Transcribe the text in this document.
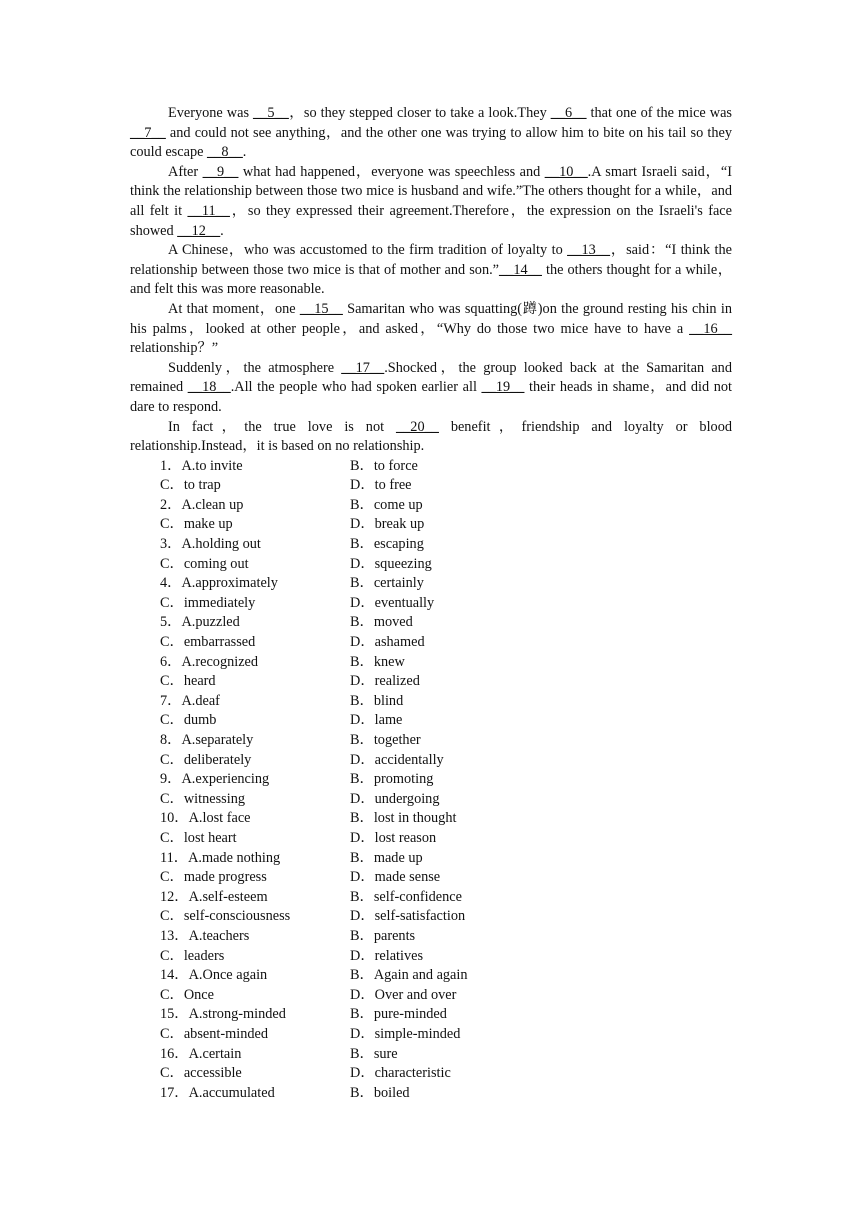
Everyone was __5__，so they stepped closer to take a look.They __6__ that one of the mice was __7__ and could not see anything，and the other one was trying to allow him to bite on his tail so they could escape __8__.

After __9__ what had happened，everyone was speechless and __10__.A smart Israeli said，“I think the relationship between those two mice is husband and wife.”The others thought for a while，and all felt it __11__，so they expressed their agreement.Therefore，the expression on the Israeli's face showed __12__.

A Chinese，who was accustomed to the firm tradition of loyalty to __13__，said：“I think the relationship between those two mice is that of mother and son.”__14__ the others thought for a while，and felt this was more reasonable.

At that moment，one __15__ Samaritan who was squatting(蹲)on the ground resting his chin in his palms，looked at other people，and asked，“Why do those two mice have to have a __16__ relationship？”

Suddenly，the atmosphere __17__.Shocked，the group looked back at the Samaritan and remained __18__.All the people who had spoken earlier all __19__ their heads in shame，and did not dare to respond.

In fact，the true love is not __20__ benefit，friendship and loyalty or blood relationship.Instead，it is based on no relationship.

1．A.to invite	B．to force
C．to trap	D．to free
2．A.clean up	B．come up
C．make up	D．break up
3．A.holding out	B．escaping
C．coming out	D．squeezing
4．A.approximately	B．certainly
C．immediately	D．eventually
5．A.puzzled	B．moved
C．embarrassed	D．ashamed
6．A.recognized	B．knew
C．heard	D．realized
7．A.deaf	B．blind
C．dumb	D．lame
8．A.separately	B．together
C．deliberately	D．accidentally
9．A.experiencing	B．promoting
C．witnessing	D．undergoing
10．A.lost face	B．lost in thought
C．lost heart	D．lost reason
11．A.made nothing	B．made up
C．made progress	D．made sense
12．A.self-esteem	B．self-confidence
C．self-consciousness	D．self-satisfaction
13．A.teachers	B．parents
C．leaders	D．relatives
14．A.Once again	B．Again and again
C．Once	D．Over and over
15．A.strong-minded	B．pure-minded
C．absent-minded	D．simple-minded
16．A.certain	B．sure
C．accessible	D．characteristic
17．A.accumulated	B．boiled
